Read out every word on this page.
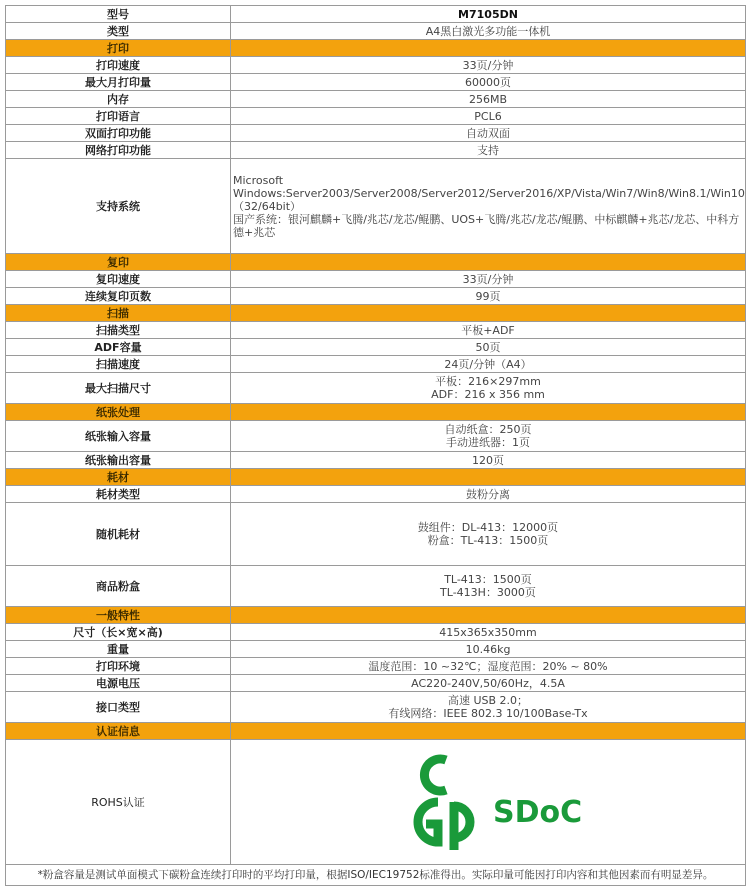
型号	M7105DN

类型	A4黑白激光多功能一体机

打印	
打印速度	33页/分钟

最大月打印量	60000页

内存	256MB

打印语言	PCL6

双面打印功能	自动双面

网络打印功能	支持

支持系统	Microsoft Windows:Server2003/Server2008/Server2012/Server2016/XP/Vista/Win7/Win8/Win8.1/Win10（32/64bit）
国产系统：银河麒麟+飞腾/兆芯/龙芯/鲲鹏、UOS+飞腾/兆芯/龙芯/鲲鹏、中标麒麟+兆芯/龙芯、中科方德+兆芯

复印	
复印速度	33页/分钟

连续复印页数	99页

扫描	
扫描类型	平板+ADF

ADF容量	50页

扫描速度	24页/分钟（A4）

最大扫描尺寸	平板：216×297mm
ADF：216 x 356 mm

纸张处理	
纸张输入容量	自动纸盒：250页
手动进纸器：1页

纸张输出容量	120页

耗材	
耗材类型	鼓粉分离

随机耗材	鼓组件：DL-413：12000页
粉盒：TL-413：1500页

商品粉盒	TL-413：1500页
TL-413H：3000页

一般特性	
尺寸（长×宽×高)	415x365x350mm

重量	10.46kg

打印环境	温度范围：10 ~32℃；湿度范围：20% ~ 80%

电源电压	AC220-240V,50/60Hz，4.5A

接口类型	高速 USB 2.0；
有线网络：IEEE 802.3 10/100Base-Tx

认证信息	
ROHS认证	SDoC

*粉盒容量是测试单面模式下碳粉盒连续打印时的平均打印量，根据ISO/IEC19752标准得出。实际印量可能因打印内容和其他因素而有明显差异。	
